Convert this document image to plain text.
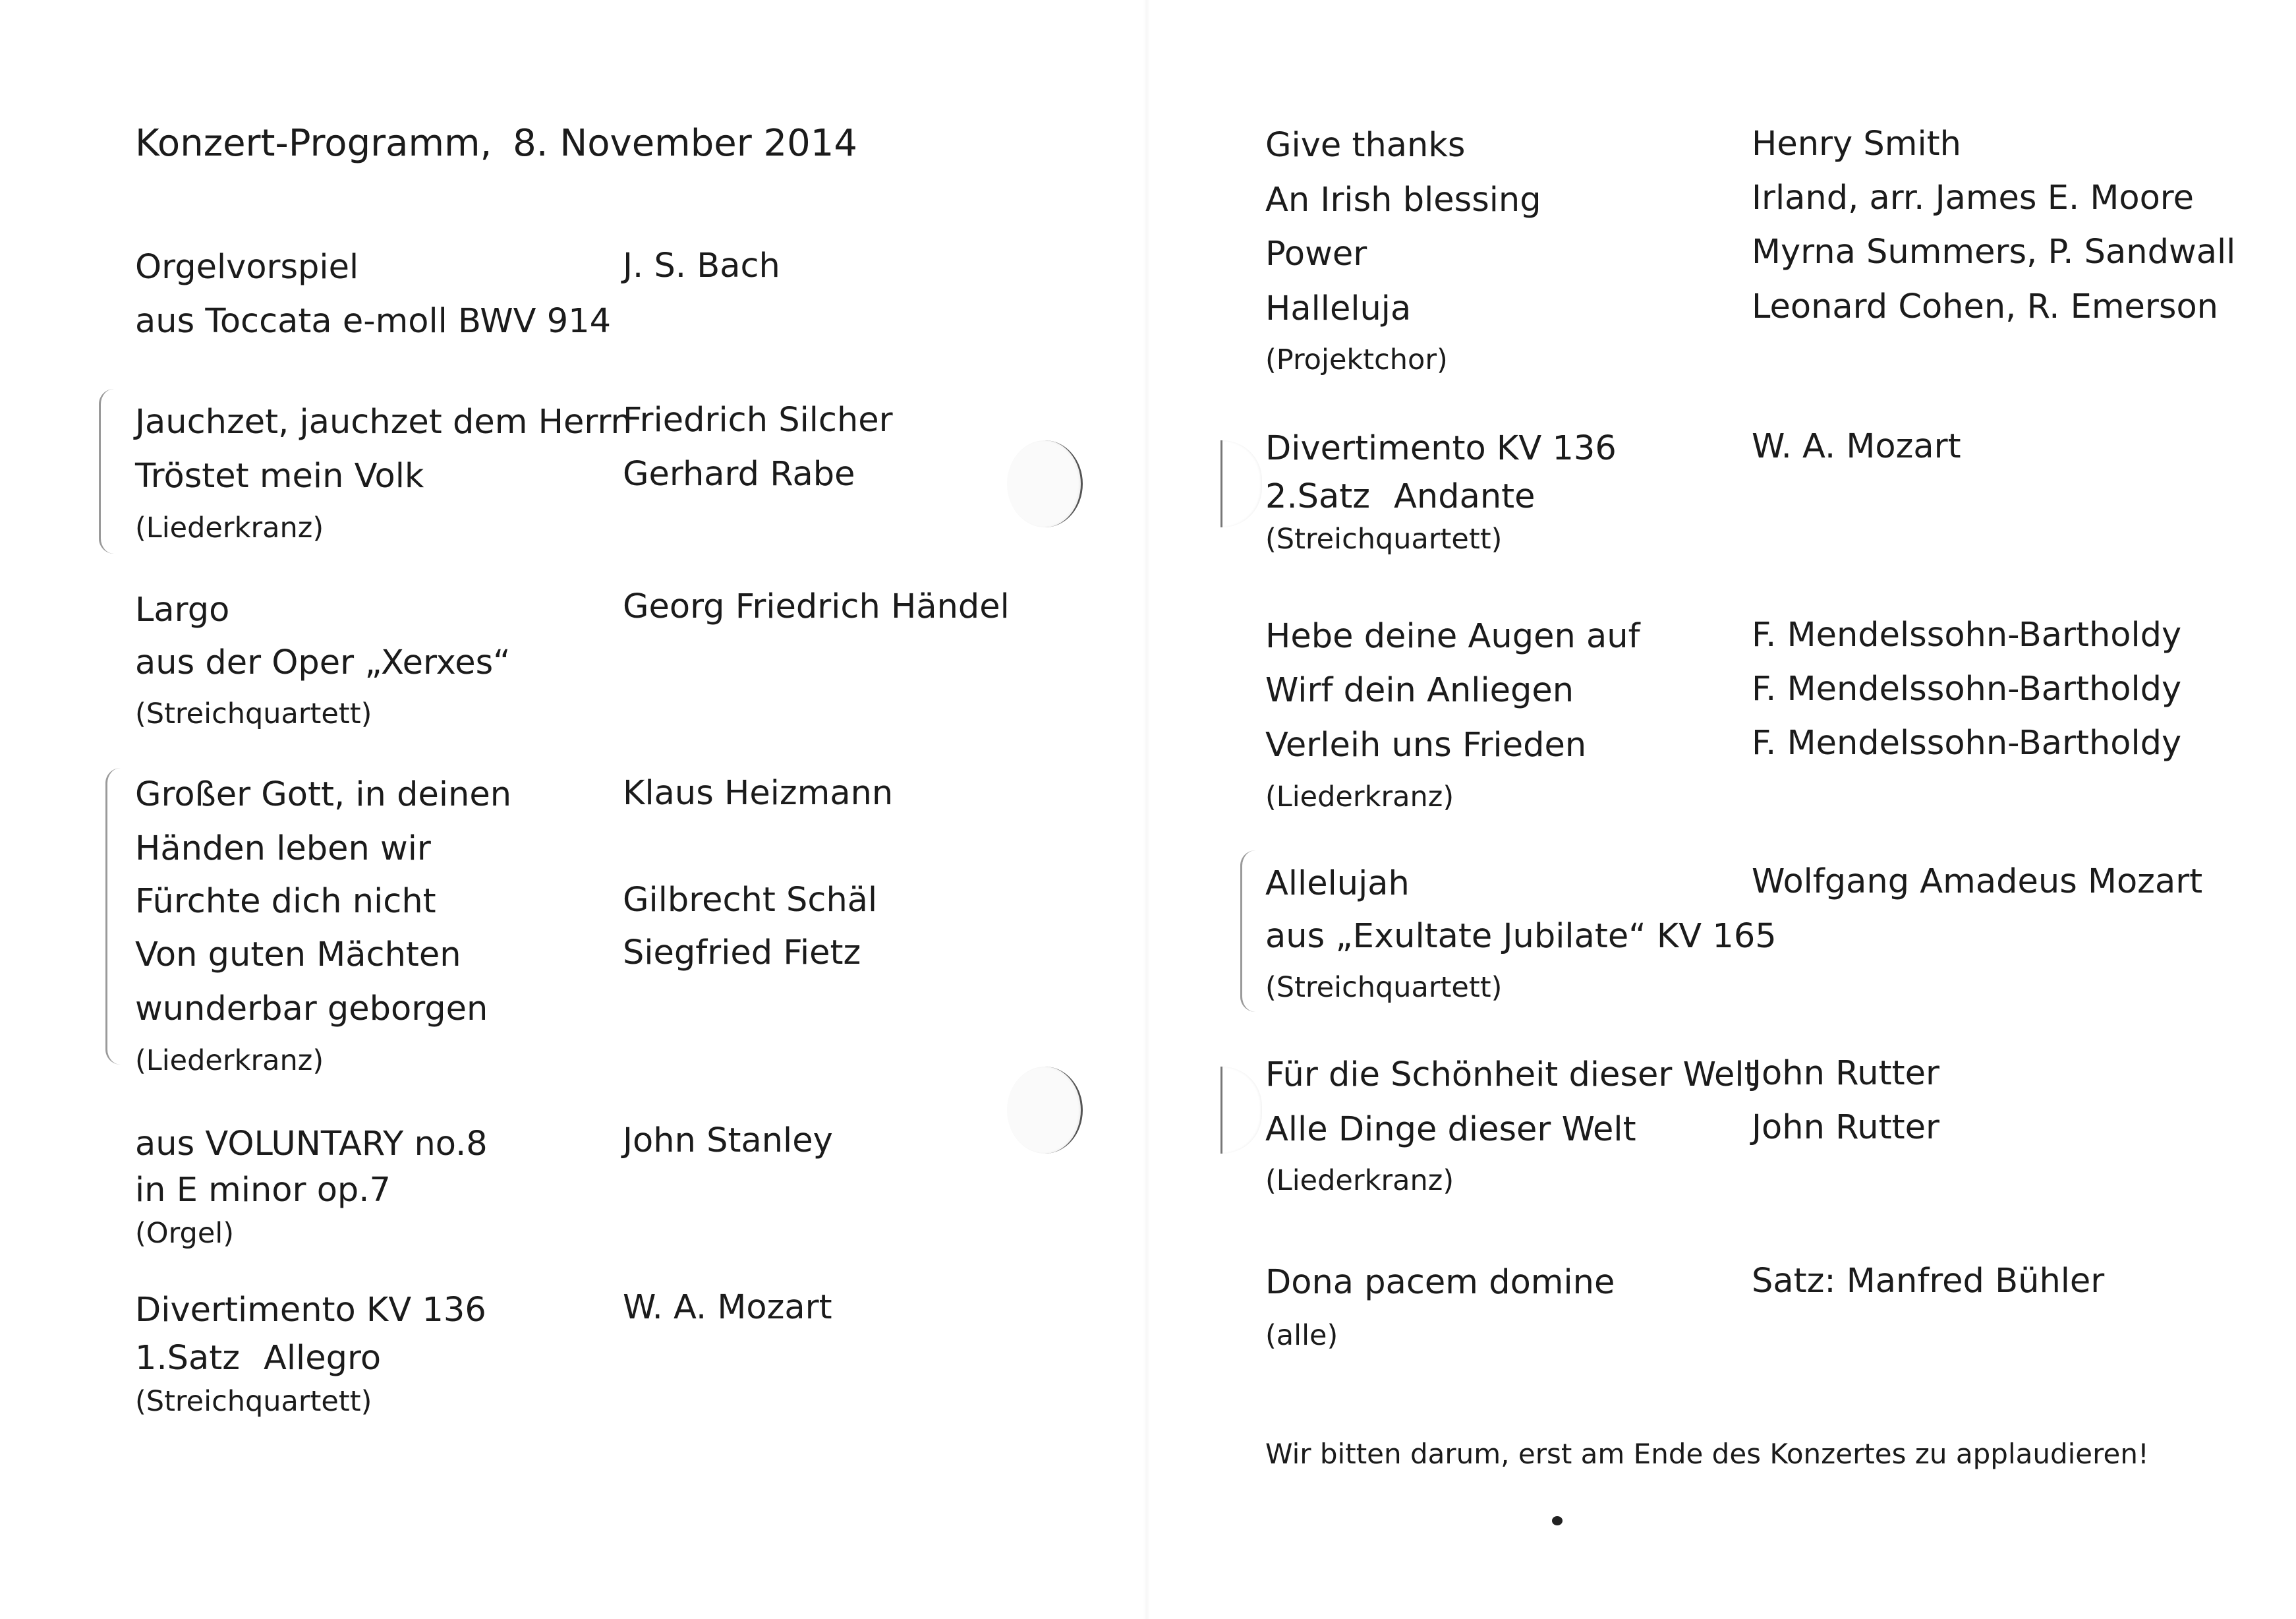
Konzert-Programm, 8. November 2014
Orgelvorspiel
aus Toccata e-moll BWV 914
J. S. Bach
Jauchzet, jauchzet dem Herrn
Tröstet mein Volk
Friedrich Silcher
Gerhard Rabe
(Liederkranz)
Largo
aus der Oper „Xerxes“
Georg Friedrich Händel
(Streichquartett)
Großer Gott, in deinen
Händen leben wir
Fürchte dich nicht
Von guten Mächten
wunderbar geborgen
Klaus Heizmann
Gilbrecht Schäl
Siegfried Fietz
(Liederkranz)
aus VOLUNTARY no.8
in E minor op.7
John Stanley
(Orgel)
Divertimento KV 136
1.Satz Allegro
W. A. Mozart
(Streichquartett)
Give thanks
An Irish blessing
Power
Halleluja
Henry Smith
Irland, arr. James E. Moore
Myrna Summers, P. Sandwall
Leonard Cohen, R. Emerson
(Projektchor)
Divertimento KV 136
2.Satz Andante
W. A. Mozart
(Streichquartett)
Hebe deine Augen auf
Wirf dein Anliegen
Verleih uns Frieden
F. Mendelssohn-Bartholdy
F. Mendelssohn-Bartholdy
F. Mendelssohn-Bartholdy
(Liederkranz)
Allelujah
aus „Exultate Jubilate“ KV 165
Wolfgang Amadeus Mozart
(Streichquartett)
Für die Schönheit dieser Welt
Alle Dinge dieser Welt
John Rutter
John Rutter
(Liederkranz)
Dona pacem domine	Satz: Manfred Bühler
(alle)
Wir bitten darum, erst am Ende des Konzertes zu applaudieren!
